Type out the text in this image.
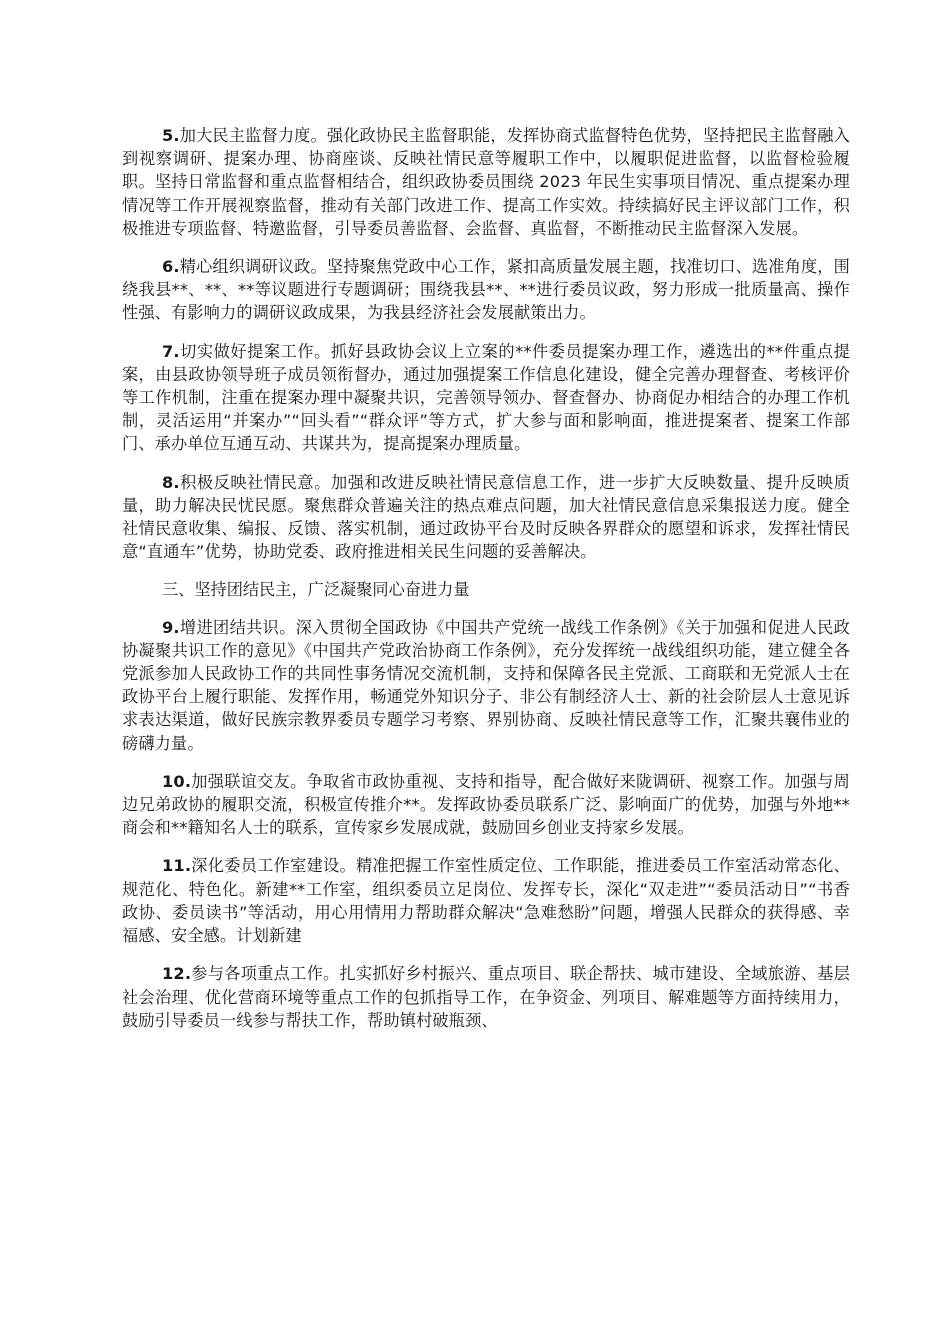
5.加大民主监督力度。强化政协民主监督职能，发挥协商式监督特色优势，坚持把民主监督融入到视察调研、提案办理、协商座谈、反映社情民意等履职工作中，以履职促进监督，以监督检验履职。坚持日常监督和重点监督相结合，组织政协委员围绕 2023 年民生实事项目情况、重点提案办理情况等工作开展视察监督，推动有关部门改进工作、提高工作实效。持续搞好民主评议部门工作，积极推进专项监督、特邀监督，引导委员善监督、会监督、真监督，不断推动民主监督深入发展。

6.精心组织调研议政。坚持聚焦党政中心工作，紧扣高质量发展主题，找准切口、选准角度，围绕我县**、**、**等议题进行专题调研；围绕我县**、**进行委员议政，努力形成一批质量高、操作性强、有影响力的调研议政成果，为我县经济社会发展献策出力。

7.切实做好提案工作。抓好县政协会议上立案的**件委员提案办理工作，遴选出的**件重点提案，由县政协领导班子成员领衔督办，通过加强提案工作信息化建设，健全完善办理督查、考核评价等工作机制，注重在提案办理中凝聚共识，完善领导领办、督查督办、协商促办相结合的办理工作机制，灵活运用“并案办”“回头看”“群众评”等方式，扩大参与面和影响面，推进提案者、提案工作部门、承办单位互通互动、共谋共为，提高提案办理质量。

8.积极反映社情民意。加强和改进反映社情民意信息工作，进一步扩大反映数量、提升反映质量，助力解决民忧民愿。聚焦群众普遍关注的热点难点问题，加大社情民意信息采集报送力度。健全社情民意收集、编报、反馈、落实机制，通过政协平台及时反映各界群众的愿望和诉求，发挥社情民意“直通车”优势，协助党委、政府推进相关民生问题的妥善解决。

三、坚持团结民主，广泛凝聚同心奋进力量

9.增进团结共识。深入贯彻全国政协《中国共产党统一战线工作条例》《关于加强和促进人民政协凝聚共识工作的意见》《中国共产党政治协商工作条例》，充分发挥统一战线组织功能，建立健全各党派参加人民政协工作的共同性事务情况交流机制，支持和保障各民主党派、工商联和无党派人士在政协平台上履行职能、发挥作用，畅通党外知识分子、非公有制经济人士、新的社会阶层人士意见诉求表达渠道，做好民族宗教界委员专题学习考察、界别协商、反映社情民意等工作，汇聚共襄伟业的磅礴力量。

10.加强联谊交友。争取省市政协重视、支持和指导，配合做好来陇调研、视察工作。加强与周边兄弟政协的履职交流，积极宣传推介**。发挥政协委员联系广泛、影响面广的优势，加强与外地**商会和**籍知名人士的联系，宣传家乡发展成就，鼓励回乡创业支持家乡发展。

11.深化委员工作室建设。精准把握工作室性质定位、工作职能，推进委员工作室活动常态化、规范化、特色化。新建**工作室，组织委员立足岗位、发挥专长，深化“双走进”“委员活动日”“书香政协、委员读书”等活动，用心用情用力帮助群众解决“急难愁盼”问题，增强人民群众的获得感、幸福感、安全感。计划新建

12.参与各项重点工作。扎实抓好乡村振兴、重点项目、联企帮扶、城市建设、全域旅游、基层社会治理、优化营商环境等重点工作的包抓指导工作，在争资金、列项目、解难题等方面持续用力，鼓励引导委员一线参与帮扶工作，帮助镇村破瓶颈、
